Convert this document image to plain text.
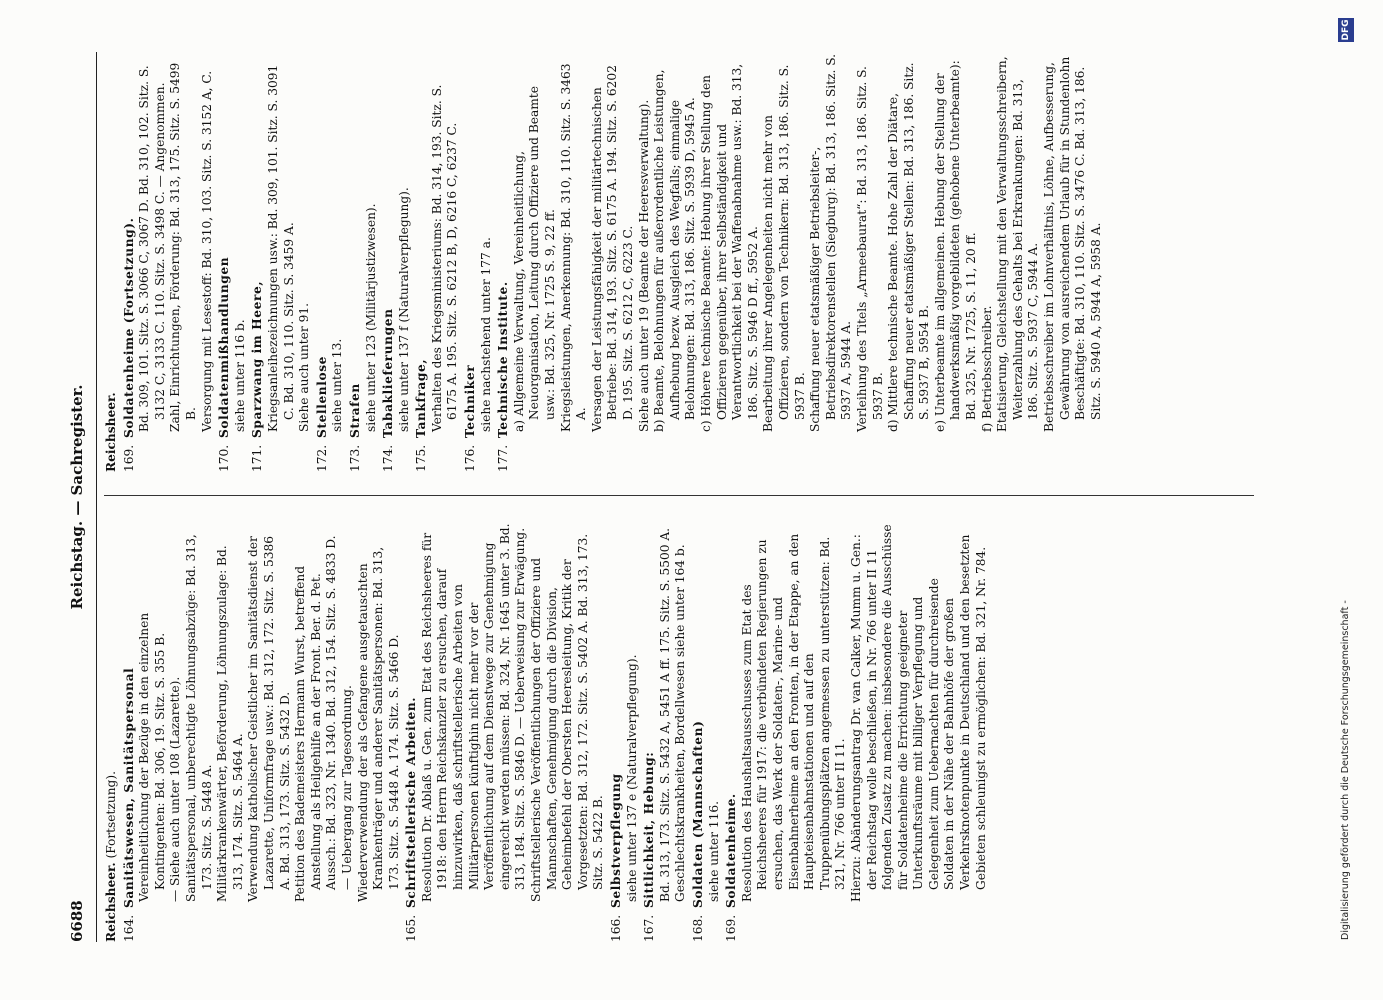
6688
Reichstag. — Sachregister.
Reichsheer. (Fortsetzung).
164.
Sanitätswesen, Sanitätspersonal Vereinheitlichung der Bezüge in den einzelnen Kontingenten: Bd. 306, 19. Sitz. S. 355 B. — Siehe auch unter 108 (Lazarette). Sanitätspersonal, unberechtigte Löhnungsabzüge: Bd. 313, 173. Sitz. S. 5448 A. Militärkrankenwärter, Beförderung, Löhnungszulage: Bd. 313, 174. Sitz. S. 5464 A. Verwendung katholischer Geistlicher im Sanitätsdienst der Lazarette, Uniformfrage usw.: Bd. 312, 172. Sitz. S. 5386 A. Bd. 313, 173. Sitz. S. 5432 D. Petition des Bademeisters Hermann Wurst, betreffend Anstellung als Heilgehilfe an der Front. Ber. d. Pet. Aussch.: Bd. 323, Nr. 1340. Bd. 312, 154. Sitz. S. 4833 D. — Uebergang zur Tagesordnung. Wiederverwendung der als Gefangene ausgetauschten Krankenträger und anderer Sanitätspersonen: Bd. 313, 173. Sitz. S. 5448 A. 174. Sitz. S. 5466 D.
165.
Schriftstellerische Arbeiten. Resolution Dr. Ablaß u. Gen. zum Etat des Reichsheeres für 1918: den Herrn Reichskanzler zu ersuchen, darauf hinzuwirken, daß schriftstellerische Arbeiten von Militärpersonen künftighin nicht mehr vor der Veröffentlichung auf dem Dienstwege zur Genehmigung eingereicht werden müssen: Bd. 324, Nr. 1645 unter 3. Bd. 313, 184. Sitz. S. 5846 D. — Ueberweisung zur Erwägung. Schriftstellerische Veröffentlichungen der Offiziere und Mannschaften, Genehmigung durch die Division, Geheimbefehl der Obersten Heeresleitung, Kritik der Vorgesetzten: Bd. 312, 172. Sitz. S. 5402 A. Bd. 313, 173. Sitz. S. 5422 B.
166.
Selbstverpflegung siehe unter 137 e (Naturalverpflegung).
167.
Sittlichkeit, Hebung: Bd. 313, 173. Sitz. S. 5432 A, 5451 A ff. 175. Sitz. S. 5500 A. Geschlechtskrankheiten, Bordellwesen siehe unter 164 b.
168.
Soldaten (Mannschaften) siehe unter 116.
169.
Soldatenheime. Resolution des Haushaltsausschusses zum Etat des Reichsheeres für 1917: die verbündeten Regierungen zu ersuchen, das Werk der Soldaten-, Marine- und Eisenbahnerheime an den Fronten, in der Etappe, an den Haupteisenbahnstationen und auf den Truppenübungsplätzen angemessen zu unterstützen: Bd. 321, Nr. 766 unter II 11. Hierzu: Abänderungsantrag Dr. van Calker, Mumm u. Gen.: der Reichstag wolle beschließen, in Nr. 766 unter II 11 folgenden Zusatz zu machen: insbesondere die Ausschüsse für Soldatenheime die Errichtung geeigneter Unterkunftsräume mit billiger Verpflegung und Gelegenheit zum Uebernachten für durchreisende Soldaten in der Nähe der Bahnhöfe der großen Verkehrsknotenpunkte in Deutschland und den besetzten Gebieten schleunigst zu ermöglichen: Bd. 321, Nr. 784.
Reichsheer. 169.
Soldatenheime (Fortsetzung). Bd. 309, 101. Sitz. S. 3066 C, 3067 D. Bd. 310, 102. Sitz. S. 3132 C, 3133 C. 110. Sitz. S. 3498 C. — Angenommen. Zahl, Einrichtungen, Förderung: Bd. 313, 175. Sitz. S. 5499 B. Versorgung mit Lesestoff: Bd. 310, 103. Sitz. S. 3152 A, C.
170.
Soldatenmißhandlungen siehe unter 116 b.
171.
Sparzwang im Heere, Kriegsanleihezeichnungen usw.: Bd. 309, 101. Sitz. S. 3091 C. Bd. 310, 110. Sitz. S. 3459 A. Siehe auch unter 91.
172.
Stellenlose siehe unter 13.
173.
Strafen siehe unter 123 (Militärjustizwesen).
174.
Tabaklieferungen siehe unter 137 f (Naturalverpflegung).
175.
Tankfrage, Verhalten des Kriegsministeriums: Bd. 314, 193. Sitz. S. 6175 A. 195. Sitz. S. 6212 B, D, 6216 C, 6237 C.
176.
Techniker siehe nachstehend unter 177 a.
177.
Technische Institute. a) Allgemeine Verwaltung, Vereinheitlichung, Neuorganisation, Leitung durch Offiziere und Beamte usw.: Bd. 325, Nr. 1725 S. 9, 22 ff. Kriegsleistungen, Anerkennung: Bd. 310, 110. Sitz. S. 3463 A. Versagen der Leistungsfähigkeit der militärtechnischen Betriebe: Bd. 314, 193. Sitz. S. 6175 A. 194. Sitz. S. 6202 D. 195. Sitz. S. 6212 C, 6223 C. Siehe auch unter 19 (Beamte der Heeresverwaltung). b) Beamte, Belohnungen für außerordentliche Leistungen, Aufhebung bezw. Ausgleich des Wegfalls; einmalige Belohnungen: Bd. 313, 186. Sitz. S. 5939 D, 5945 A. c) Höhere technische Beamte: Hebung ihrer Stellung den Offizieren gegenüber, ihrer Selbständigkeit und Verantwortlichkeit bei der Waffenabnahme usw.: Bd. 313, 186. Sitz. S. 5946 D ff., 5952 A. Bearbeitung ihrer Angelegenheiten nicht mehr von Offizieren, sondern von Technikern: Bd. 313, 186. Sitz. S. 5937 B. Schaffung neuer etatsmäßiger Betriebsleiter-, Betriebsdirektorenstellen (Siegburg): Bd. 313, 186. Sitz. S. 5937 A, 5944 A. Verleihung des Titels „Armeebaurat“: Bd. 313, 186. Sitz. S. 5937 B. d) Mittlere technische Beamte. Hohe Zahl der Diätare, Schaffung neuer etatsmäßiger Stellen: Bd. 313, 186. Sitz. S. 5937 B, 5954 B. e) Unterbeamte im allgemeinen. Hebung der Stellung der handwerksmäßig vorgebildeten (gehobene Unterbeamte): Bd. 325, Nr. 1725, S. 11, 20 ff. f) Betriebsschreiber. Etatisierung, Gleichstellung mit den Verwaltungsschreibern, Weiterzahlung des Gehalts bei Erkrankungen: Bd. 313, 186. Sitz. S. 5937 C, 5944 A. Betriebsschreiber im Lohnverhältnis, Löhne, Aufbesserung, Gewährung von ausreichendem Urlaub für in Stundenlohn Beschäftigte: Bd. 310, 110. Sitz. S. 3476 C. Bd. 313, 186. Sitz. S. 5940 A, 5944 A, 5958 A.
Digitalisierung gefördert durch die Deutsche Forschungsgemeinschaft -
DFG
